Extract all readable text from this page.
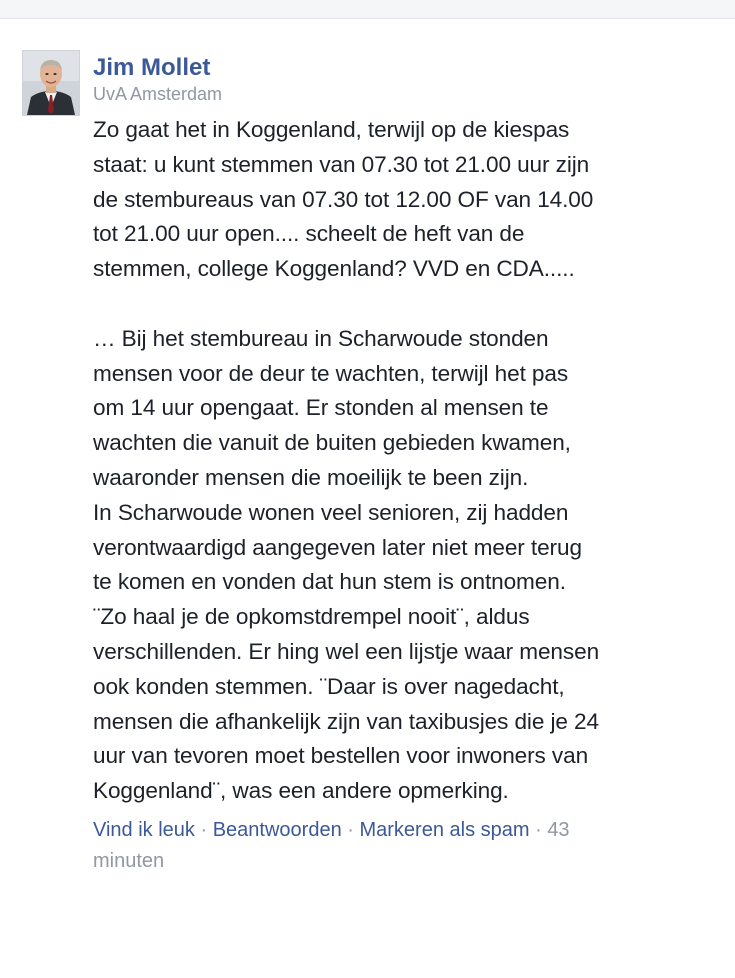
Jim Mollet
UvA Amsterdam
Zo gaat het in Koggenland, terwijl op de kiespas
staat: u kunt stemmen van 07.30 tot 21.00 uur zijn
de stembureaus van 07.30 tot 12.00 OF van 14.00
tot 21.00 uur open.... scheelt de heft van de
stemmen, college Koggenland? VVD en CDA.....
… Bij het stembureau in Scharwoude stonden
mensen voor de deur te wachten, terwijl het pas
om 14 uur opengaat. Er stonden al mensen te
wachten die vanuit de buiten gebieden kwamen,
waaronder mensen die moeilijk te been zijn.
In Scharwoude wonen veel senioren, zij hadden
verontwaardigd aangegeven later niet meer terug
te komen en vonden dat hun stem is ontnomen.
¨Zo haal je de opkomstdrempel nooit¨, aldus
verschillenden. Er hing wel een lijstje waar mensen
ook konden stemmen. ¨Daar is over nagedacht,
mensen die afhankelijk zijn van taxibusjes die je 24
uur van tevoren moet bestellen voor inwoners van
Koggenland¨, was een andere opmerking.
Vind ik leuk · Beantwoorden · Markeren als spam · 43
minuten
